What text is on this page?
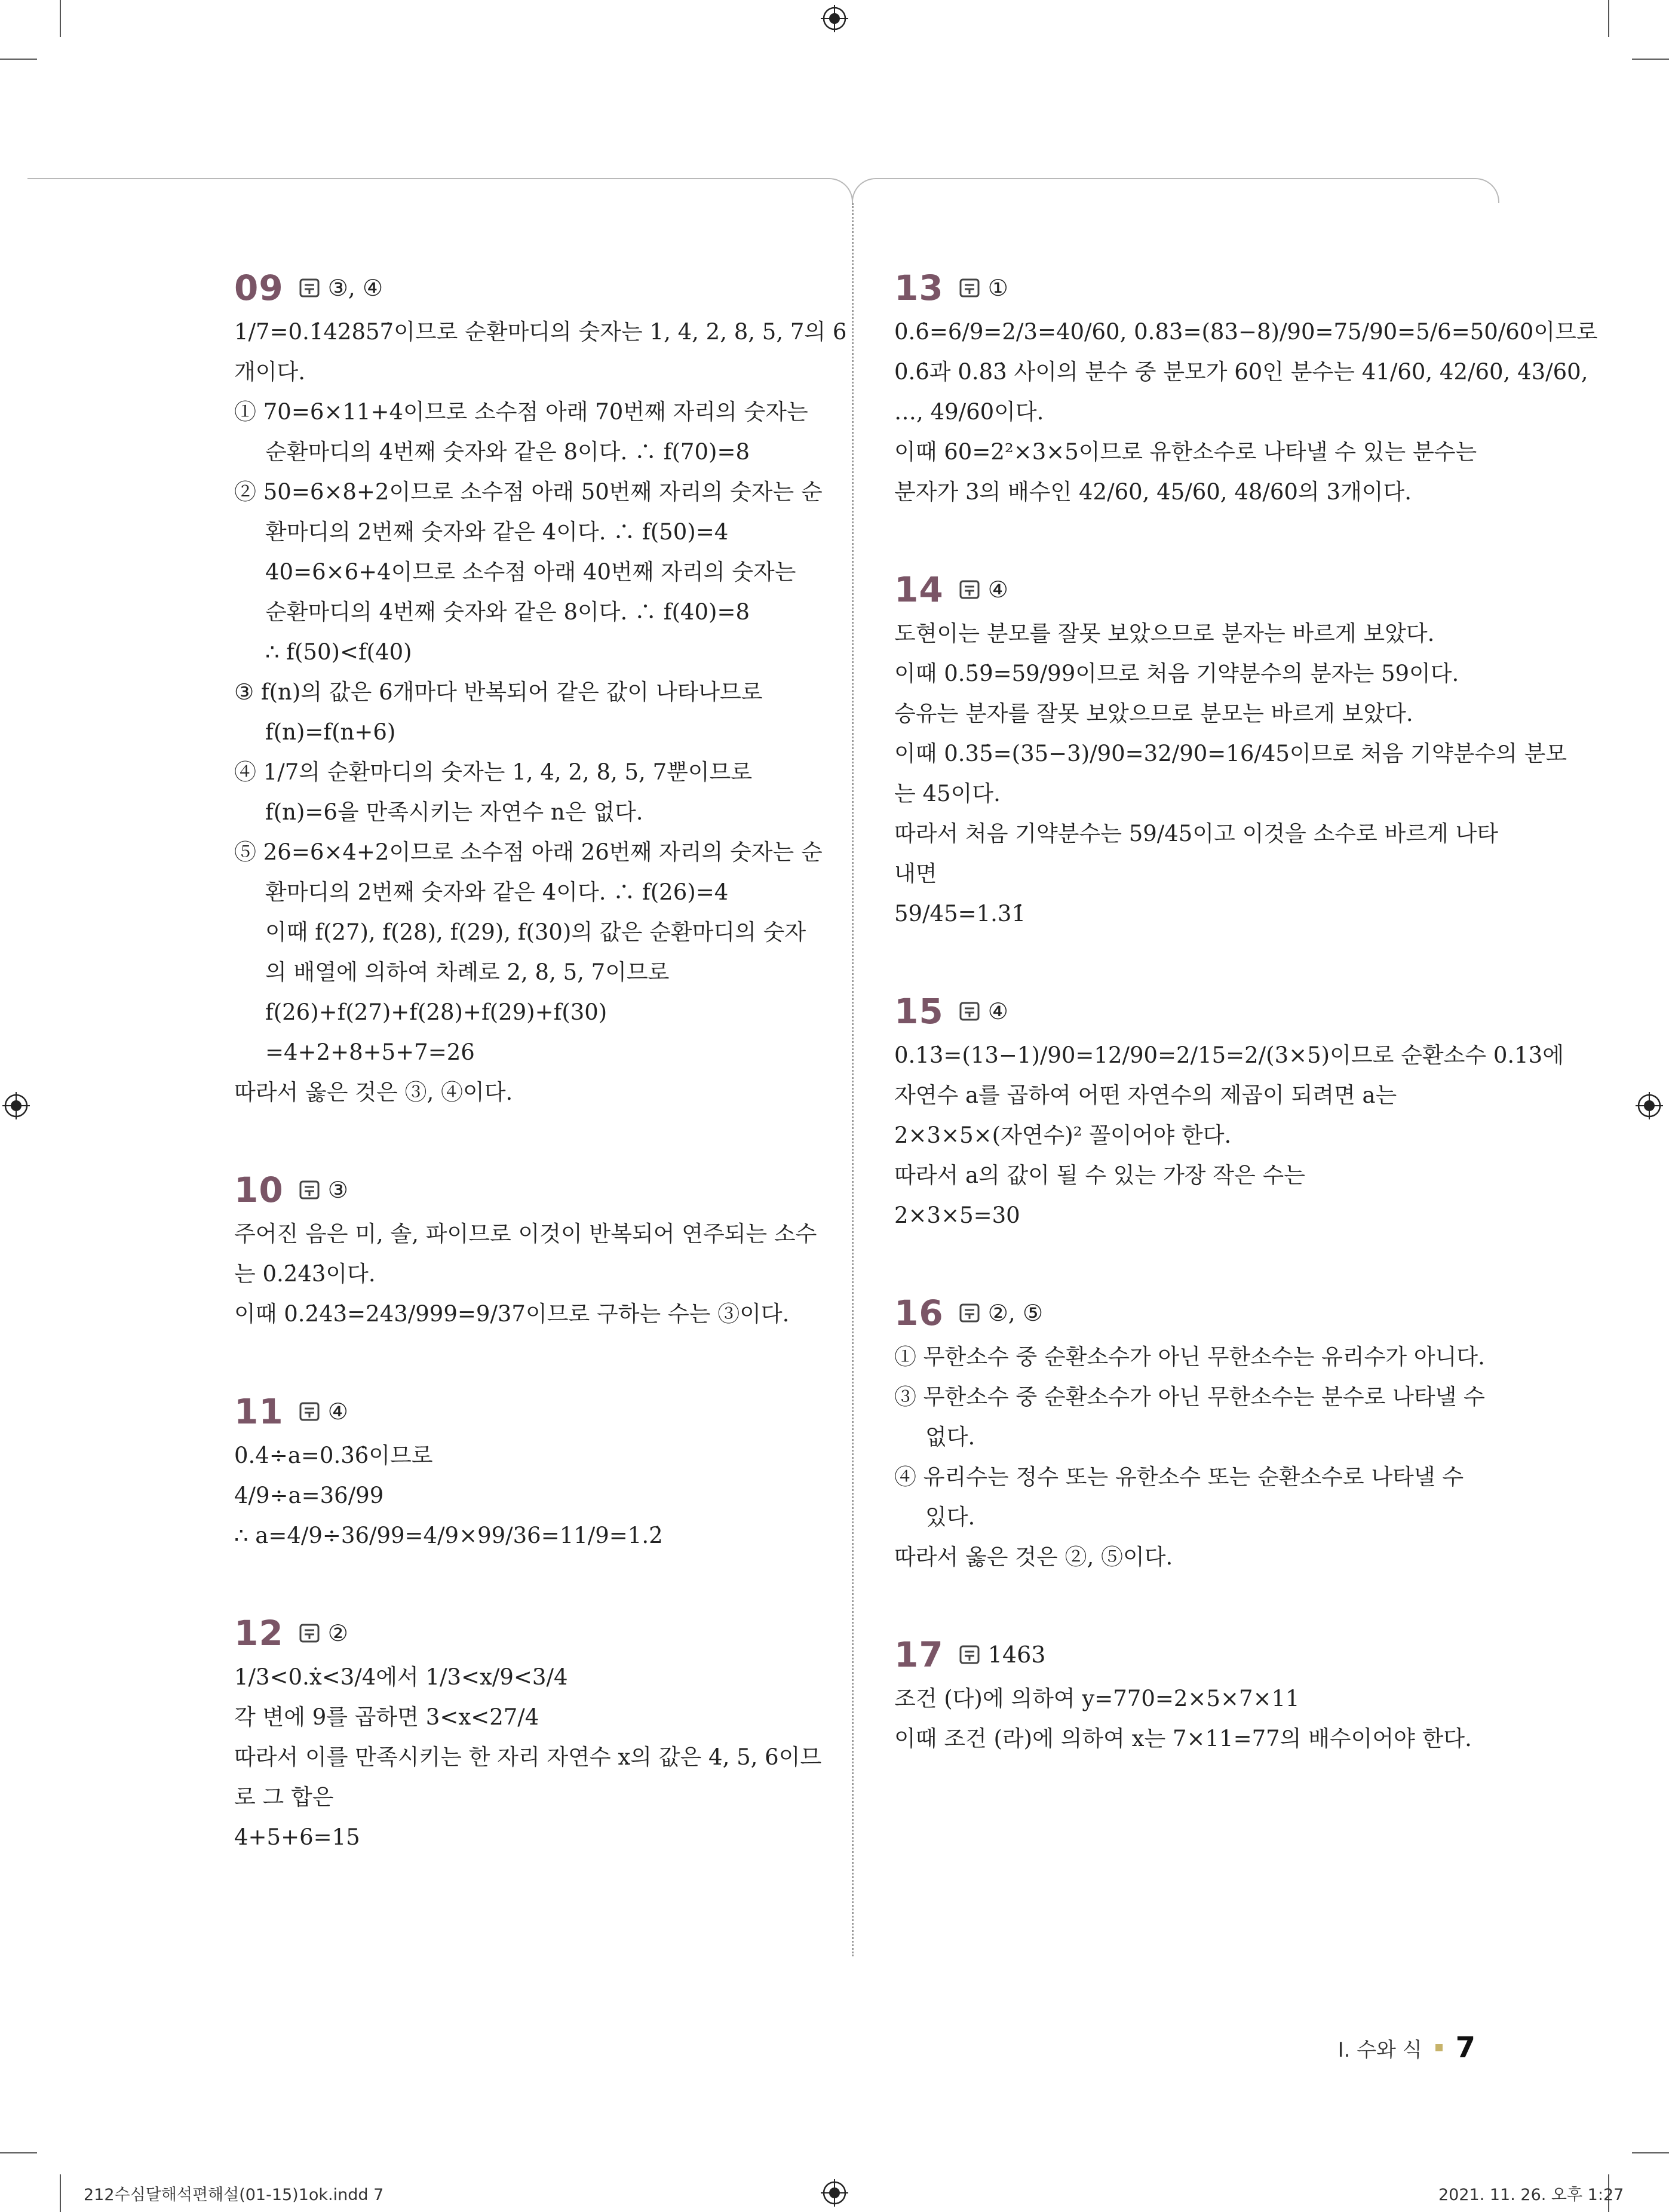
09 ③, ④

1/7=0.1̇42857̇이므로 순환마디의 숫자는 1, 4, 2, 8, 5, 7의 6

개이다.

① 70=6×11+4이므로 소수점 아래 70번째 자리의 숫자는

순환마디의 4번째 숫자와 같은 8이다. ∴ f(70)=8

② 50=6×8+2이므로 소수점 아래 50번째 자리의 숫자는 순

환마디의 2번째 숫자와 같은 4이다. ∴ f(50)=4

40=6×6+4이므로 소수점 아래 40번째 자리의 숫자는

순환마디의 4번째 숫자와 같은 8이다. ∴ f(40)=8

∴ f(50)<f(40)

③ f(n)의 값은 6개마다 반복되어 같은 값이 나타나므로

f(n)=f(n+6)

④ 1/7의 순환마디의 숫자는 1, 4, 2, 8, 5, 7뿐이므로

f(n)=6을 만족시키는 자연수 n은 없다.

⑤ 26=6×4+2이므로 소수점 아래 26번째 자리의 숫자는 순

환마디의 2번째 숫자와 같은 4이다. ∴ f(26)=4

이때 f(27), f(28), f(29), f(30)의 값은 순환마디의 숫자

의 배열에 의하여 차례로 2, 8, 5, 7이므로

f(26)+f(27)+f(28)+f(29)+f(30)

=4+2+8+5+7=26

따라서 옳은 것은 ③, ④이다.

10 ③

주어진 음은 미, 솔, 파이므로 이것이 반복되어 연주되는 소수

는 0.2̇43̇이다.

이때 0.2̇43̇=243/999=9/37이므로 구하는 수는 ③이다.

11 ④

0.4̇÷a=0.3̇6̇이므로

4/9÷a=36/99

∴ a=4/9÷36/99=4/9×99/36=11/9=1.2̇

12 ②

1/3<0.ẋ<3/4에서 1/3<x/9<3/4

각 변에 9를 곱하면 3<x<27/4

따라서 이를 만족시키는 한 자리 자연수 x의 값은 4, 5, 6이므

로 그 합은

4+5+6=15

13 ①

0.6̇=6/9=2/3=40/60, 0.83̇=(83−8)/90=75/90=5/6=50/60이므로

0.6̇과 0.83̇ 사이의 분수 중 분모가 60인 분수는 41/60, 42/60, 43/60,

…, 49/60이다.

이때 60=2²×3×5이므로 유한소수로 나타낼 수 있는 분수는

분자가 3의 배수인 42/60, 45/60, 48/60의 3개이다.

14 ④

도현이는 분모를 잘못 보았으므로 분자는 바르게 보았다.

이때 0.5̇9̇=59/99이므로 처음 기약분수의 분자는 59이다.

승유는 분자를 잘못 보았으므로 분모는 바르게 보았다.

이때 0.35̇=(35−3)/90=32/90=16/45이므로 처음 기약분수의 분모

는 45이다.

따라서 처음 기약분수는 59/45이고 이것을 소수로 바르게 나타

내면

59/45=1.31̇

15 ④

0.13̇=(13−1)/90=12/90=2/15=2/(3×5)이므로 순환소수 0.13̇에

자연수 a를 곱하여 어떤 자연수의 제곱이 되려면 a는

2×3×5×(자연수)² 꼴이어야 한다.

따라서 a의 값이 될 수 있는 가장 작은 수는

2×3×5=30

16 ②, ⑤

① 무한소수 중 순환소수가 아닌 무한소수는 유리수가 아니다.

③ 무한소수 중 순환소수가 아닌 무한소수는 분수로 나타낼 수

없다.

④ 유리수는 정수 또는 유한소수 또는 순환소수로 나타낼 수

있다.

따라서 옳은 것은 ②, ⑤이다.

17 1463

조건 (다)에 의하여 y=770=2×5×7×11

이때 조건 (라)에 의하여 x는 7×11=77의 배수이어야 한다.

I. 수와 식 7
212수심달해석편해설(01-15)1ok.indd 7	2021. 11. 26. 오후 1:27
